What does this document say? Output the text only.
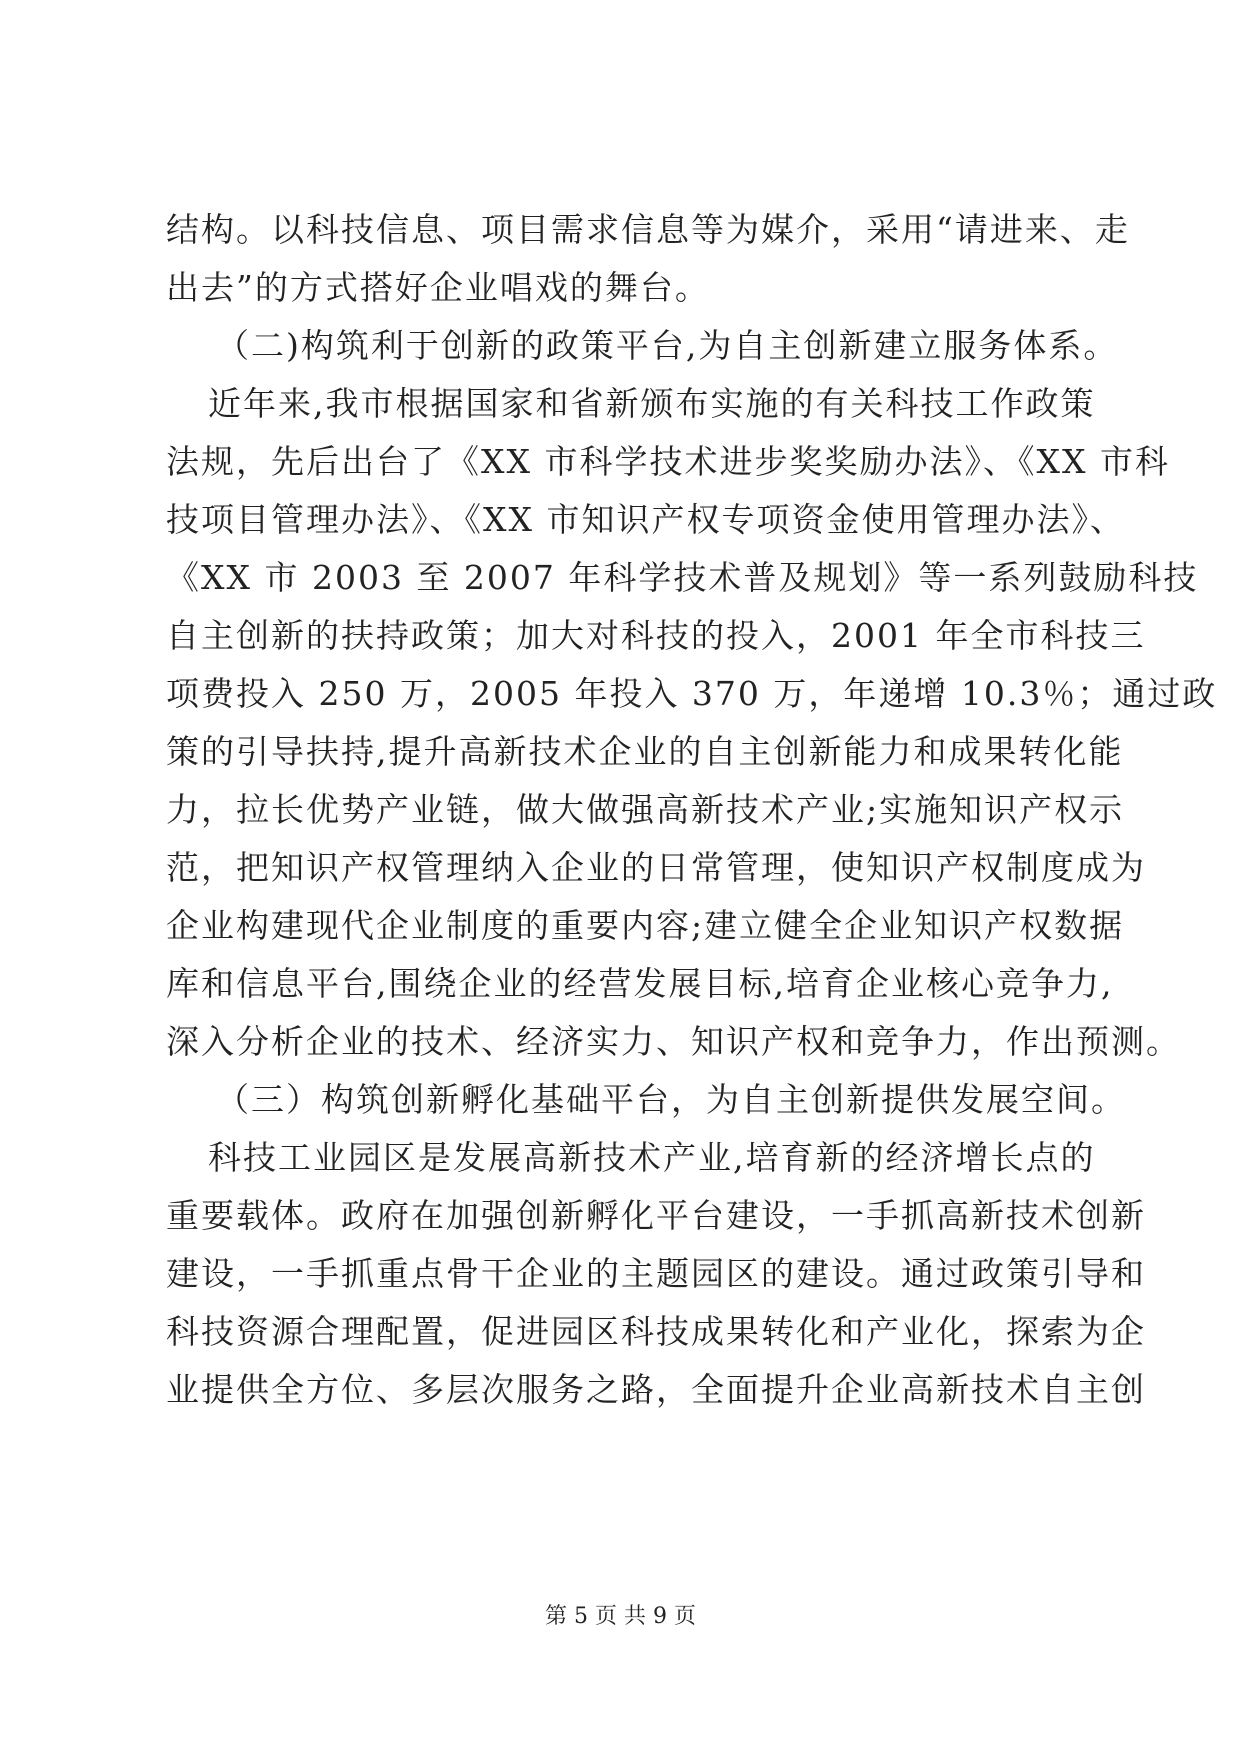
结构。以科技信息、项目需求信息等为媒介，采用“请进来、走
出去”的方式搭好企业唱戏的舞台。
（二)构筑利于创新的政策平台,为自主创新建立服务体系。
近年来,我市根据国家和省新颁布实施的有关科技工作政策
法规，先后出台了《XX 市科学技术进步奖奖励办法》、《XX 市科
技项目管理办法》、《XX 市知识产权专项资金使用管理办法》、
《XX 市 2003 至 2007 年科学技术普及规划》等一系列鼓励科技
自主创新的扶持政策；加大对科技的投入，2001 年全市科技三
项费投入 250 万，2005 年投入 370 万，年递增 10.3％；通过政
策的引导扶持,提升高新技术企业的自主创新能力和成果转化能
力，拉长优势产业链，做大做强高新技术产业;实施知识产权示
范，把知识产权管理纳入企业的日常管理，使知识产权制度成为
企业构建现代企业制度的重要内容;建立健全企业知识产权数据
库和信息平台,围绕企业的经营发展目标,培育企业核心竞争力,
深入分析企业的技术、经济实力、知识产权和竞争力，作出预测。
（三）构筑创新孵化基础平台，为自主创新提供发展空间。
科技工业园区是发展高新技术产业,培育新的经济增长点的
重要载体。政府在加强创新孵化平台建设，一手抓高新技术创新
建设，一手抓重点骨干企业的主题园区的建设。通过政策引导和
科技资源合理配置，促进园区科技成果转化和产业化，探索为企
业提供全方位、多层次服务之路，全面提升企业高新技术自主创
第 5 页 共 9 页
